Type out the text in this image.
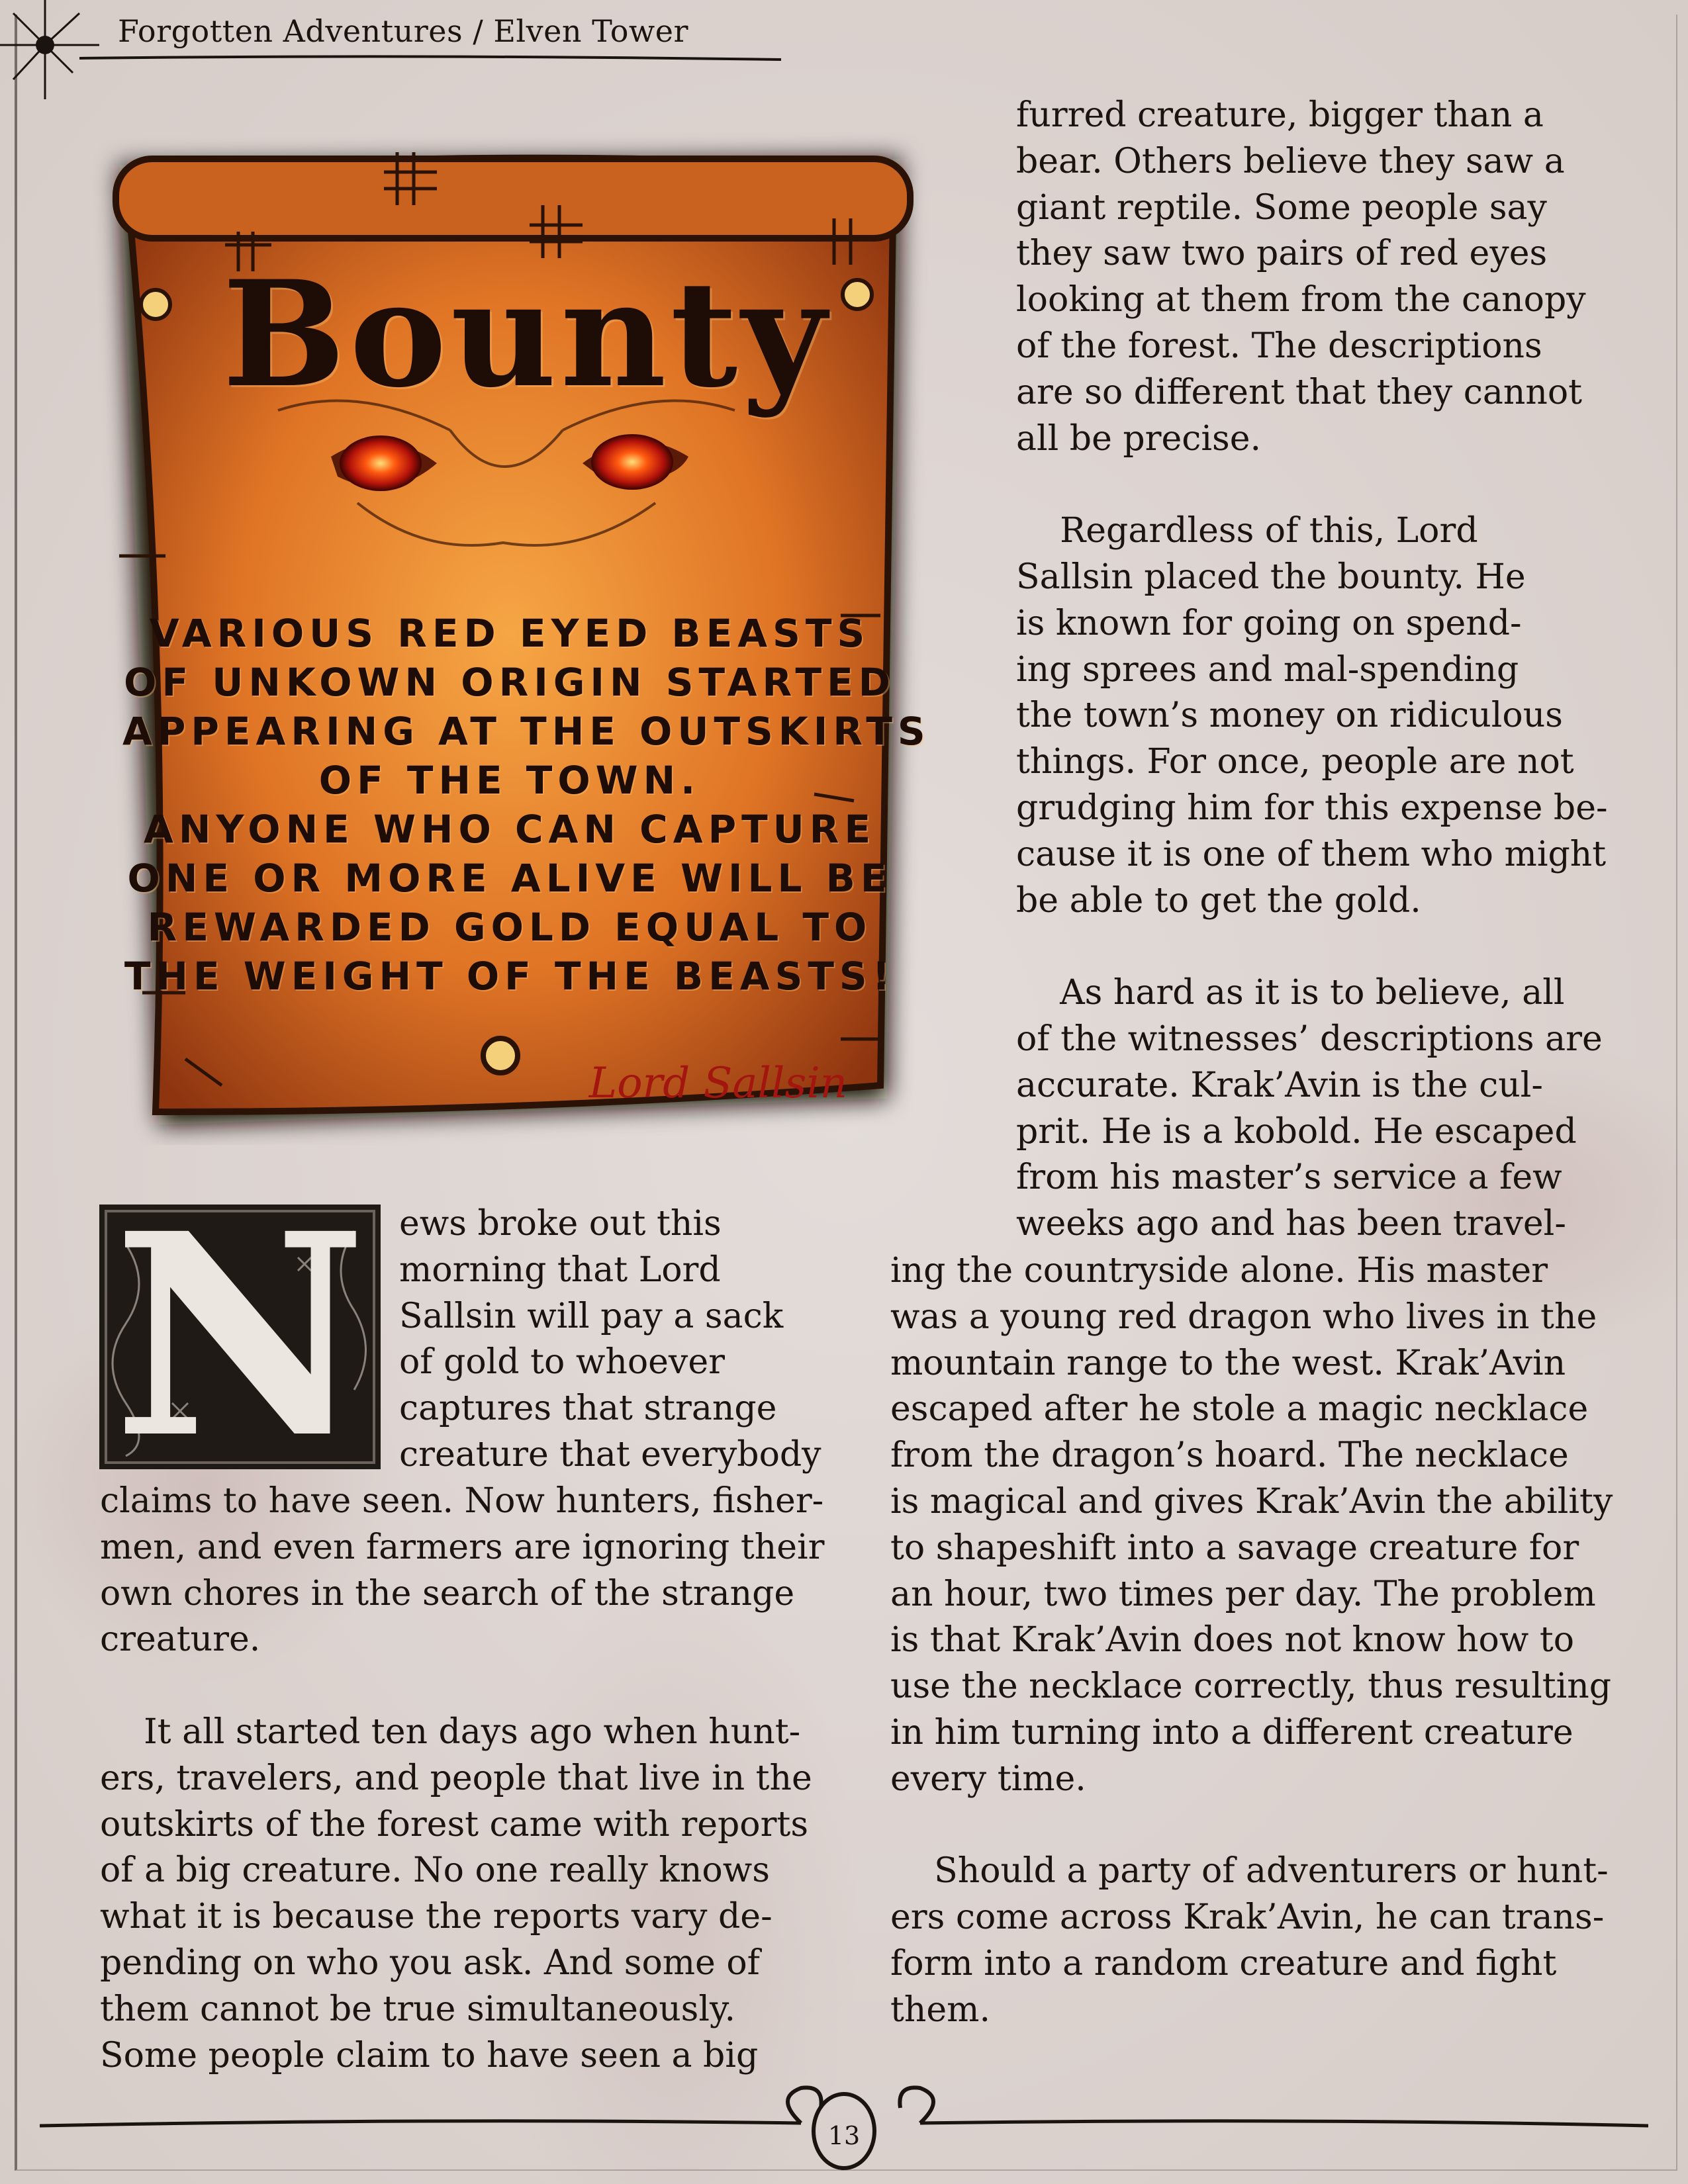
Forgotten Adventures / Elven Tower
Bounty
VARIOUS RED EYED BEASTS
OF UNKOWN ORIGIN STARTED
APPEARING AT THE OUTSKIRTS
OF THE TOWN.
ANYONE WHO CAN CAPTURE
ONE OR MORE ALIVE WILL BE
REWARDED GOLD EQUAL TO
THE WEIGHT OF THE BEASTS!
Lord Sallsin
N ews broke out this

morning that Lord

Sallsin will pay a sack

of gold to whoever

captures that strange

creature that everybody

claims to have seen. Now hunters, fisher-

men, and even farmers are ignoring their

own chores in the search of the strange

creature.

It all started ten days ago when hunt-

ers, travelers, and people that live in the

outskirts of the forest came with reports

of a big creature. No one really knows

what it is because the reports vary de-

pending on who you ask. And some of

them cannot be true simultaneously.

Some people claim to have seen a big

furred creature, bigger than a

bear. Others believe they saw a

giant reptile. Some people say

they saw two pairs of red eyes

looking at them from the canopy

of the forest. The descriptions

are so different that they cannot

all be precise.

Regardless of this, Lord

Sallsin placed the bounty. He

is known for going on spend-

ing sprees and mal-spending

the town’s money on ridiculous

things. For once, people are not

grudging him for this expense be-

cause it is one of them who might

be able to get the gold.

As hard as it is to believe, all

of the witnesses’ descriptions are

accurate. Krak’Avin is the cul-

prit. He is a kobold. He escaped

from his master’s service a few

weeks ago and has been travel-

ing the countryside alone. His master

was a young red dragon who lives in the

mountain range to the west. Krak’Avin

escaped after he stole a magic necklace

from the dragon’s hoard. The necklace

is magical and gives Krak’Avin the ability

to shapeshift into a savage creature for

an hour, two times per day. The problem

is that Krak’Avin does not know how to

use the necklace correctly, thus resulting

in him turning into a different creature

every time.

Should a party of adventurers or hunt-

ers come across Krak’Avin, he can trans-

form into a random creature and fight

them.

13
